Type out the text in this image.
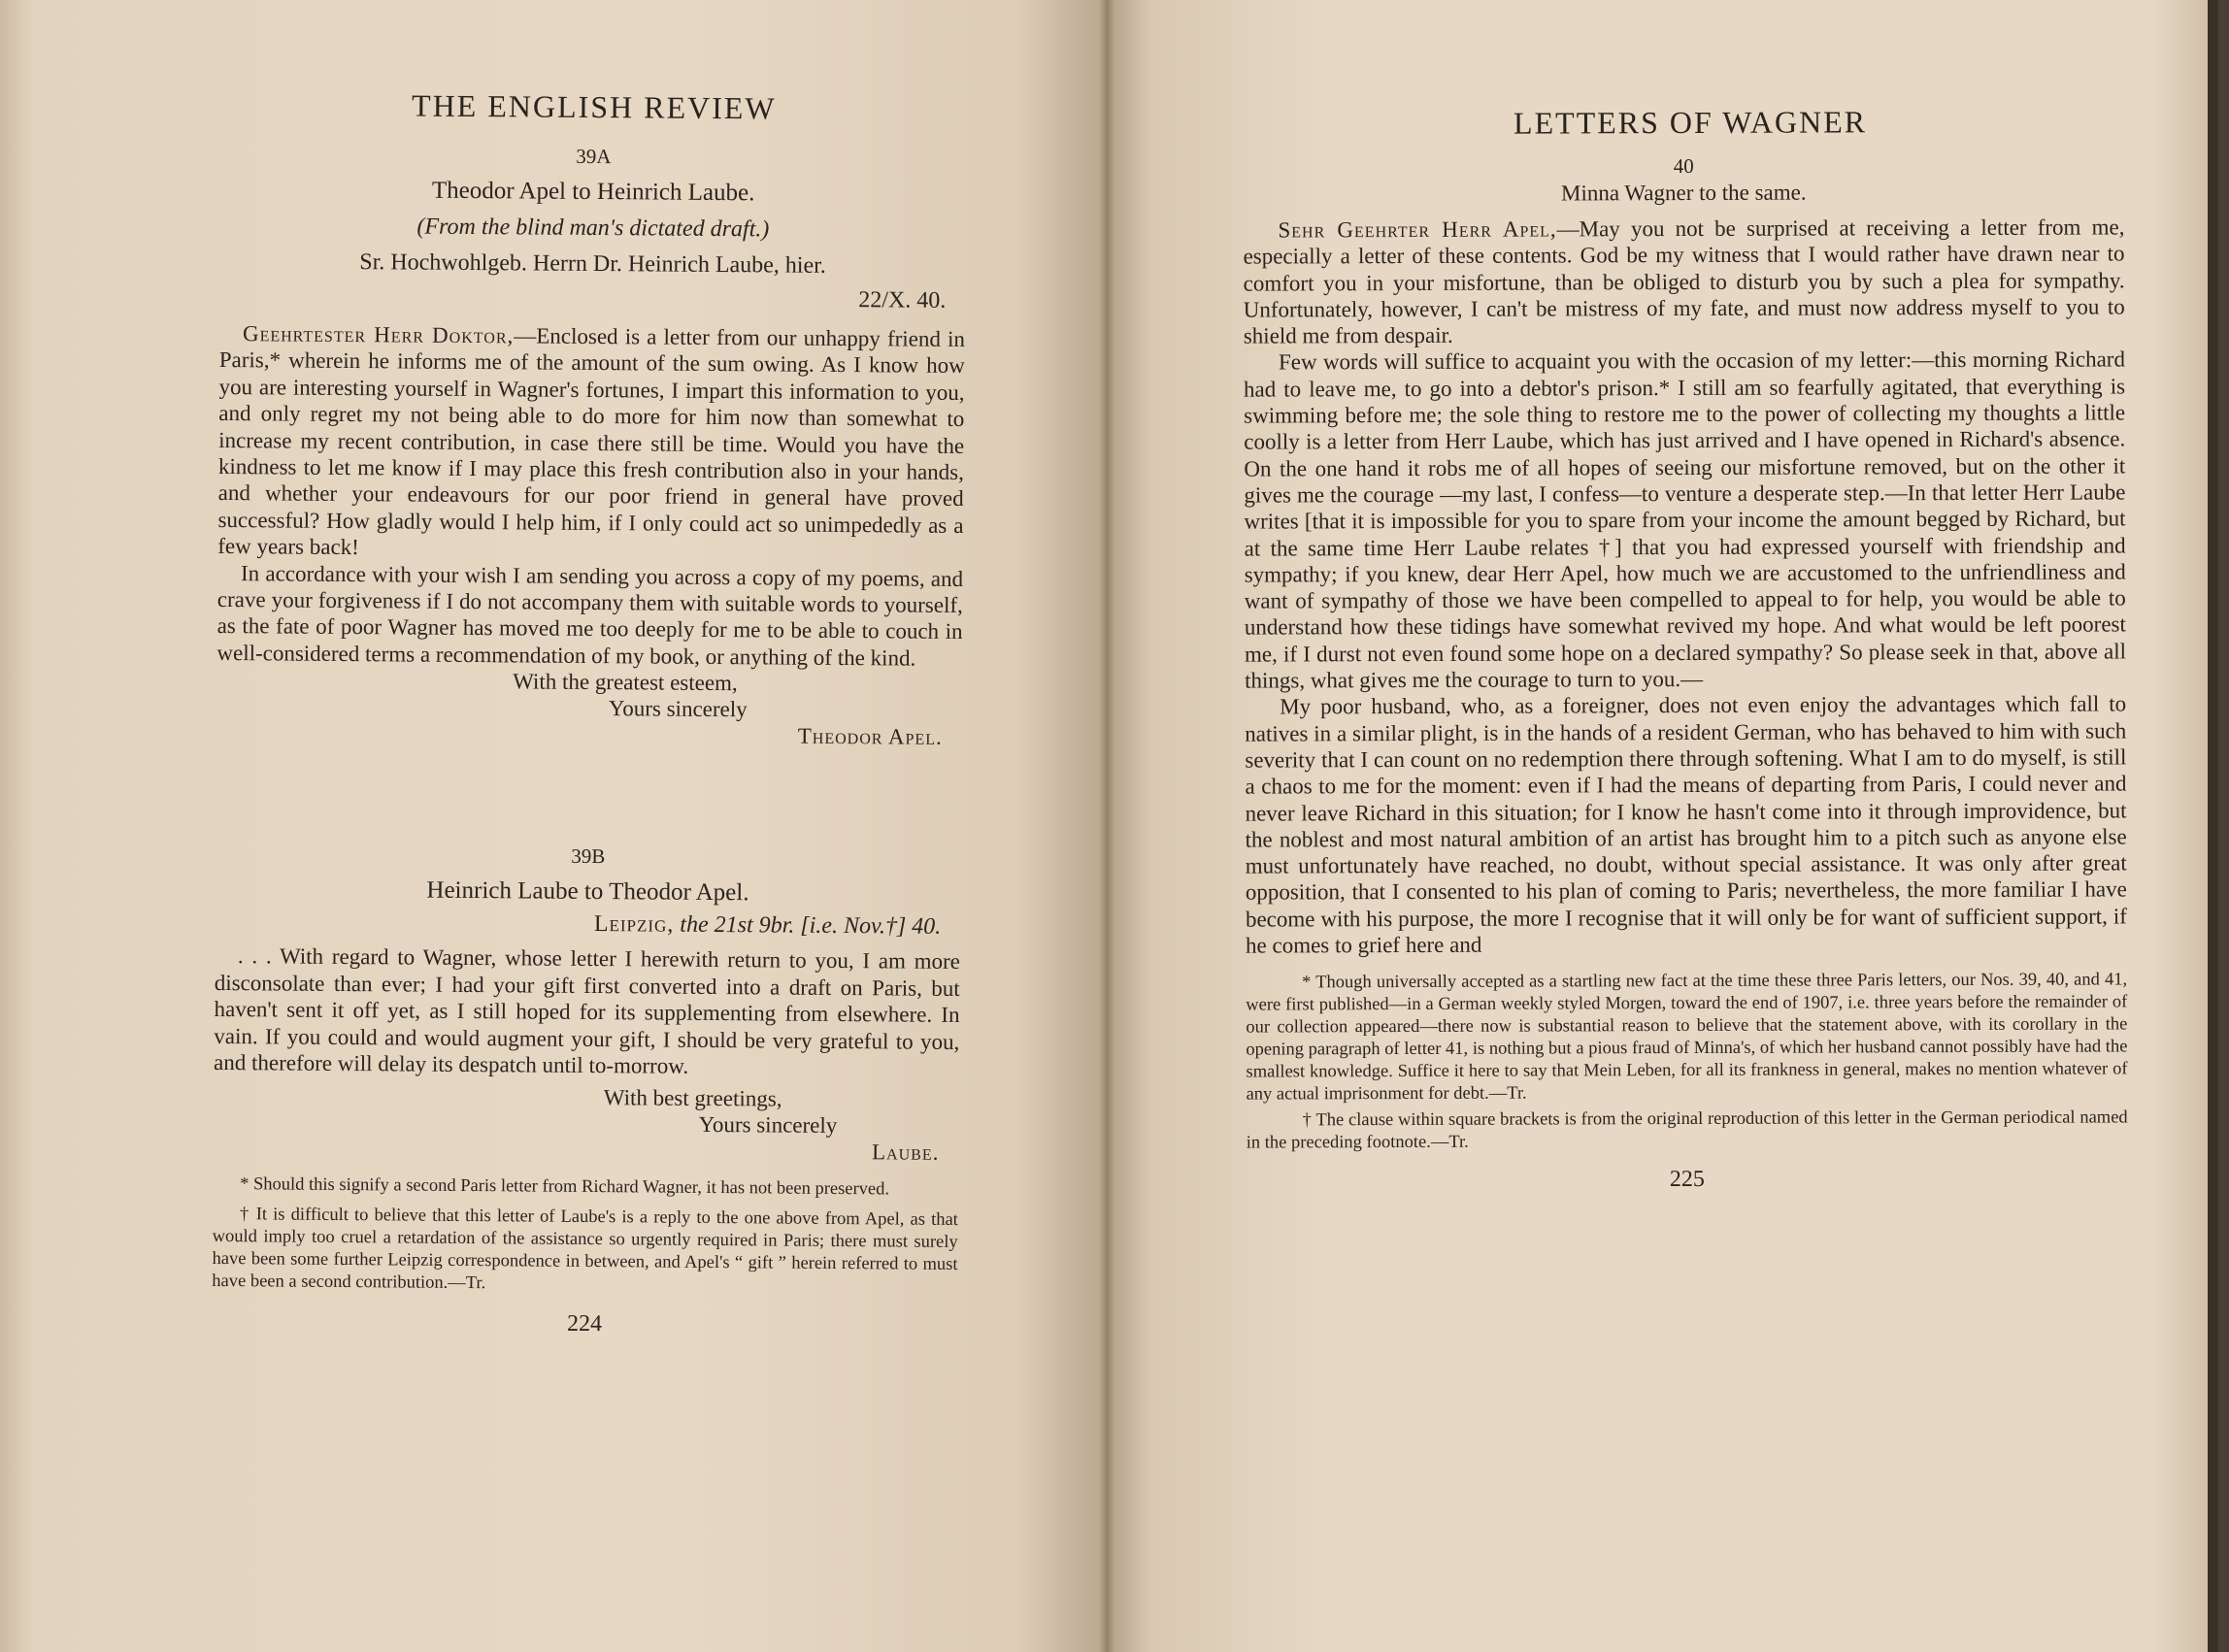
THE ENGLISH REVIEW
39A
Theodor Apel to Heinrich Laube.
(From the blind man's dictated draft.)
Sr. Hochwohlgeb. Herrn Dr. Heinrich Laube, hier.
22/X. 40.

Geehrtester Herr Doktor,—Enclosed is a letter from our unhappy friend in Paris,* wherein he informs me of the amount of the sum owing. As I know how you are interesting yourself in Wagner's fortunes, I impart this information to you, and only regret my not being able to do more for him now than somewhat to increase my recent contribution, in case there still be time. Would you have the kindness to let me know if I may place this fresh contribution also in your hands, and whether your endeavours for our poor friend in general have proved successful? How gladly would I help him, if I only could act so unimpededly as a few years back!

In accordance with your wish I am sending you across a copy of my poems, and crave your forgiveness if I do not accompany them with suitable words to yourself, as the fate of poor Wagner has moved me too deeply for me to be able to couch in well-considered terms a recommendation of my book, or anything of the kind.

With the greatest esteem,
Yours sincerely
Theodor Apel.
39B
Heinrich Laube to Theodor Apel.
Leipzig, the 21st 9br. [i.e. Nov.†] 40.

. . . With regard to Wagner, whose letter I herewith return to you, I am more disconsolate than ever; I had your gift first converted into a draft on Paris, but haven't sent it off yet, as I still hoped for its supplementing from elsewhere. In vain. If you could and would augment your gift, I should be very grateful to you, and therefore will delay its despatch until to-morrow.

With best greetings,
Yours sincerely
Laube.

* Should this signify a second Paris letter from Richard Wagner, it has not been preserved.

† It is difficult to believe that this letter of Laube's is a reply to the one above from Apel, as that would imply too cruel a retardation of the assistance so urgently required in Paris; there must surely have been some further Leipzig correspondence in between, and Apel's “ gift ” herein referred to must have been a second contribution.—Tr.

224
LETTERS OF WAGNER
40
Minna Wagner to the same.

Sehr Geehrter Herr Apel,—May you not be surprised at receiving a letter from me, especially a letter of these contents. God be my witness that I would rather have drawn near to comfort you in your misfortune, than be obliged to disturb you by such a plea for sympathy. Unfortunately, however, I can't be mistress of my fate, and must now address myself to you to shield me from despair.

Few words will suffice to acquaint you with the occasion of my letter:—this morning Richard had to leave me, to go into a debtor's prison.* I still am so fearfully agitated, that everything is swimming before me; the sole thing to restore me to the power of collecting my thoughts a little coolly is a letter from Herr Laube, which has just arrived and I have opened in Richard's absence. On the one hand it robs me of all hopes of seeing our misfortune removed, but on the other it gives me the courage —my last, I confess—to venture a desperate step.—In that letter Herr Laube writes [that it is impossible for you to spare from your income the amount begged by Richard, but at the same time Herr Laube relates †] that you had expressed yourself with friendship and sympathy; if you knew, dear Herr Apel, how much we are accustomed to the unfriendliness and want of sympathy of those we have been compelled to appeal to for help, you would be able to understand how these tidings have somewhat revived my hope. And what would be left poorest me, if I durst not even found some hope on a declared sympathy? So please seek in that, above all things, what gives me the courage to turn to you.—

My poor husband, who, as a foreigner, does not even enjoy the advantages which fall to natives in a similar plight, is in the hands of a resident German, who has behaved to him with such severity that I can count on no redemption there through softening. What I am to do myself, is still a chaos to me for the moment: even if I had the means of departing from Paris, I could never and never leave Richard in this situation; for I know he hasn't come into it through improvidence, but the noblest and most natural ambition of an artist has brought him to a pitch such as anyone else must unfortunately have reached, no doubt, without special assistance. It was only after great opposition, that I consented to his plan of coming to Paris; nevertheless, the more familiar I have become with his purpose, the more I recognise that it will only be for want of sufficient support, if he comes to grief here and

* Though universally accepted as a startling new fact at the time these three Paris letters, our Nos. 39, 40, and 41, were first published—in a German weekly styled Morgen, toward the end of 1907, i.e. three years before the remainder of our collection appeared—there now is substantial reason to believe that the statement above, with its corollary in the opening paragraph of letter 41, is nothing but a pious fraud of Minna's, of which her husband cannot possibly have had the smallest knowledge. Suffice it here to say that Mein Leben, for all its frankness in general, makes no mention whatever of any actual imprisonment for debt.—Tr.

† The clause within square brackets is from the original reproduction of this letter in the German periodical named in the preceding footnote.—Tr.

225
